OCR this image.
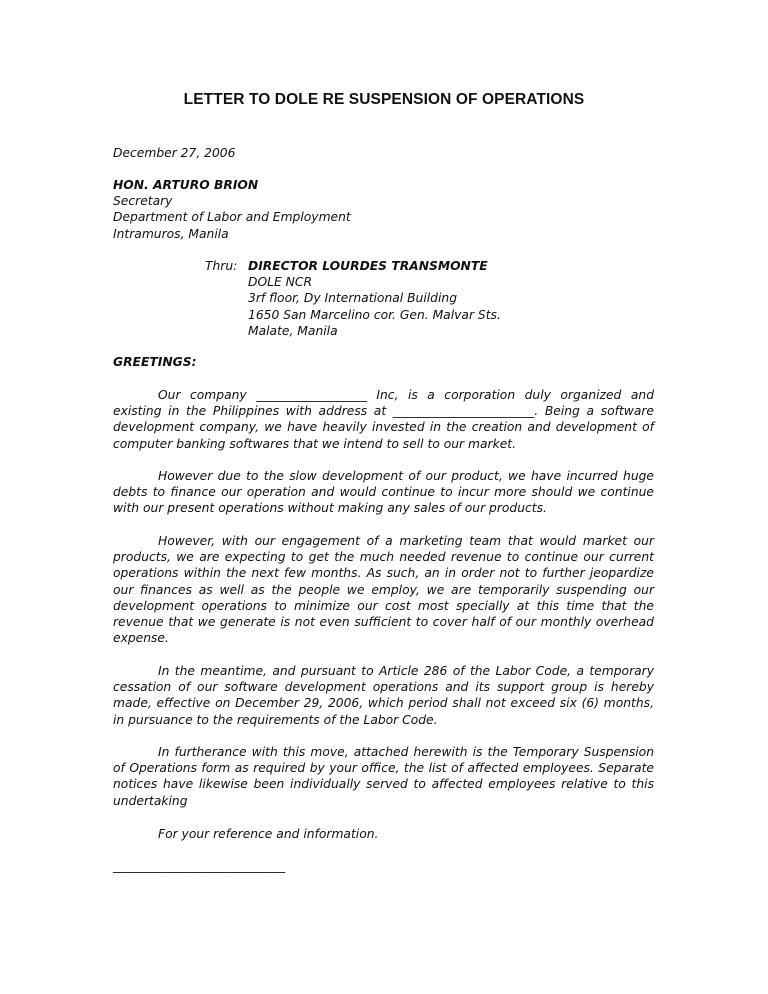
LETTER TO DOLE RE SUSPENSION OF OPERATIONS
December 27, 2006
HON. ARTURO BRION
Secretary
Department of Labor and Employment
Intramuros, Manila
Thru: DIRECTOR LOURDES TRANSMONTE
DOLE NCR
3rf floor, Dy International Building
1650 San Marcelino cor. Gen. Malvar Sts.
Malate, Manila
GREETINGS:

Our company __________________ Inc, is a corporation duly organized and existing in the Philippines with address at _______________________. Being a software development company, we have heavily invested in the creation and development of computer banking softwares that we intend to sell to our market.

However due to the slow development of our product, we have incurred huge debts to finance our operation and would continue to incur more should we continue with our present operations without making any sales of our products.

However, with our engagement of a marketing team that would market our products, we are expecting to get the much needed revenue to continue our current operations within the next few months. As such, an in order not to further jeopardize our finances as well as the people we employ, we are temporarily suspending our development operations to minimize our cost most specially at this time that the revenue that we generate is not even sufficient to cover half of our monthly overhead expense.

In the meantime, and pursuant to Article 286 of the Labor Code, a temporary cessation of our software development operations and its support group is hereby made, effective on December 29, 2006, which period shall not exceed six (6) months, in pursuance to the requirements of the Labor Code.

In furtherance with this move, attached herewith is the Temporary Suspension of Operations form as required by your office, the list of affected employees. Separate notices have likewise been individually served to affected employees relative to this undertaking

For your reference and information.

____________________________
